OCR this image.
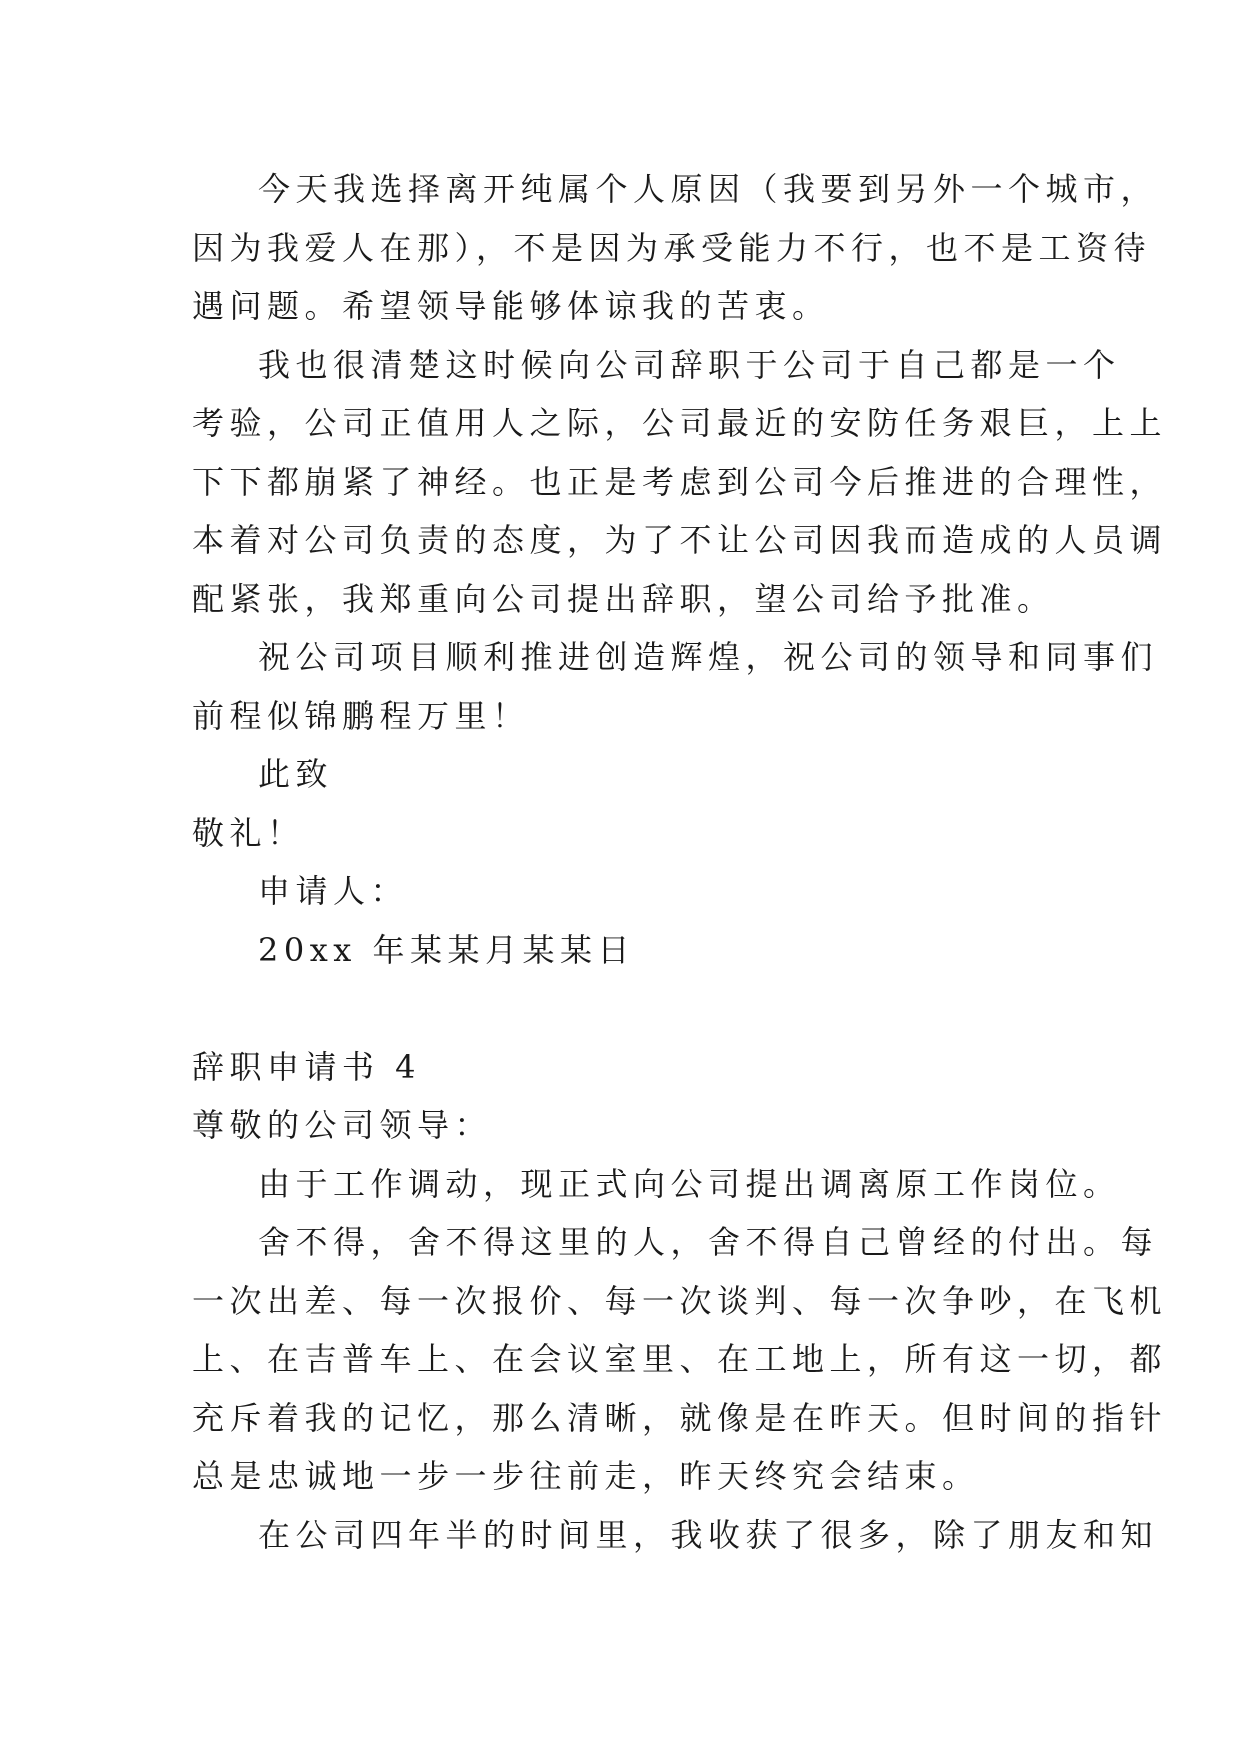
今天我选择离开纯属个人原因（我要到另外一个城市，
因为我爱人在那），不是因为承受能力不行，也不是工资待
遇问题。希望领导能够体谅我的苦衷。
我也很清楚这时候向公司辞职于公司于自己都是一个
考验，公司正值用人之际，公司最近的安防任务艰巨，上上
下下都崩紧了神经。也正是考虑到公司今后推进的合理性，
本着对公司负责的态度，为了不让公司因我而造成的人员调
配紧张，我郑重向公司提出辞职，望公司给予批准。
祝公司项目顺利推进创造辉煌，祝公司的领导和同事们
前程似锦鹏程万里！
此致
敬礼！
申请人：
20xx 年某某月某某日
辞职申请书 4
尊敬的公司领导：
由于工作调动，现正式向公司提出调离原工作岗位。
舍不得，舍不得这里的人，舍不得自己曾经的付出。每
一次出差、每一次报价、每一次谈判、每一次争吵，在飞机
上、在吉普车上、在会议室里、在工地上，所有这一切，都
充斥着我的记忆，那么清晰，就像是在昨天。但时间的指针
总是忠诚地一步一步往前走，昨天终究会结束。
在公司四年半的时间里，我收获了很多，除了朋友和知
